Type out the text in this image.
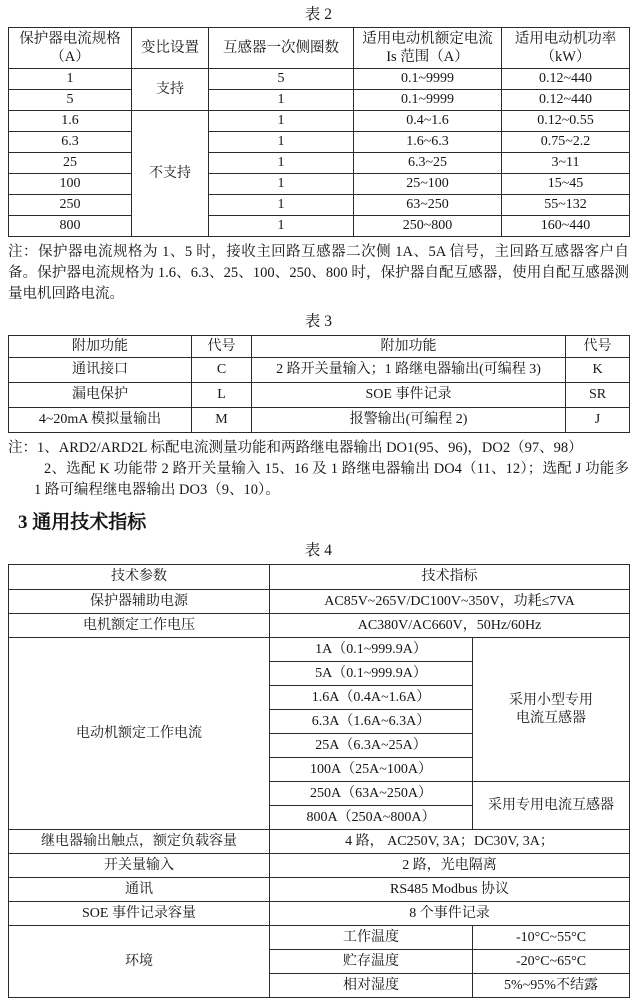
表 2
保护器电流规格（A）	变比设置	互感器一次侧圈数	适用电动机额定电流 Is 范围（A）	适用电动机功率（kW）
1	支持	5	0.1~9999	0.12~440
5		1	0.1~9999	0.12~440
1.6	不支持	1	0.4~1.6	0.12~0.55
6.3		1	1.6~6.3	0.75~2.2
25		1	6.3~25	3~11
100		1	25~100	15~45
250		1	63~250	55~132
800		1	250~800	160~440

注：保护器电流规格为 1、5 时，接收主回路互感器二次侧 1A、5A 信号，主回路互感器客户自备。保护器电流规格为 1.6、6.3、25、100、250、800 时，保护器自配互感器，使用自配互感器测量电机回路电流。

表 3
附加功能	代号	附加功能	代号
通讯接口	C	2 路开关量输入；1 路继电器输出(可编程 3)	K
漏电保护	L	SOE 事件记录	SR
4~20mA 模拟量输出	M	报警输出(可编程 2)	J

注：1、ARD2/ARD2L 标配电流测量功能和两路继电器输出 DO1(95、96)，DO2（97、98）

2、选配 K 功能带 2 路开关量输入 15、16 及 1 路继电器输出 DO4（11、12）；选配 J 功能多 1 路可编程继电器输出 DO3（9、10）。

3 通用技术指标
表 4
技术参数	技术指标	
保护器辅助电源	AC85V~265V/DC100V~350V，功耗≤7VA	
电机额定工作电压	AC380V/AC660V，50Hz/60Hz	
电动机额定工作电流	1A（0.1~999.9A）	采用小型专用
电流互感器

	5A（0.1~999.9A）	
	1.6A（0.4A~1.6A）	
	6.3A（1.6A~6.3A）	
	25A（6.3A~25A）	
	100A（25A~100A）	
	250A（63A~250A）	采用专用电流互感器
	800A（250A~800A）	
继电器输出触点，额定负载容量	4 路， AC250V, 3A；DC30V, 3A；	
开关量输入	2 路，光电隔离	
通讯	RS485 Modbus 协议	
SOE 事件记录容量	8 个事件记录	
环境	工作温度	-10°C~55°C
	贮存温度	-20°C~65°C
	相对湿度	5%~95%不结露
